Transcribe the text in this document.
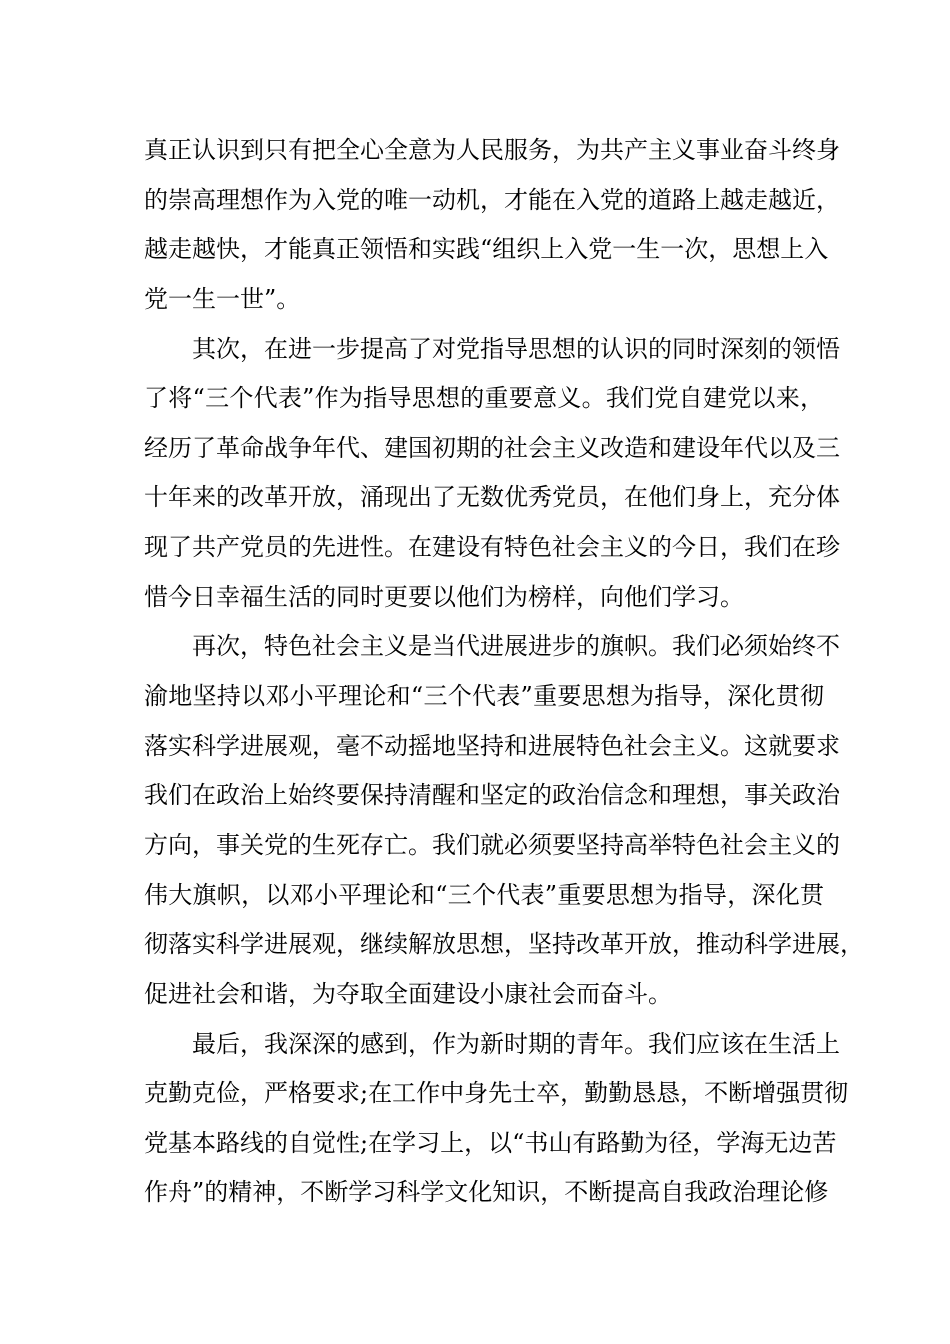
真正认识到只有把全心全意为人民服务，为共产主义事业奋斗终身
的崇高理想作为入党的唯一动机，才能在入党的道路上越走越近，
越走越快，才能真正领悟和实践“组织上入党一生一次，思想上入
党一生一世”。
其次，在进一步提高了对党指导思想的认识的同时深刻的领悟
了将“三个代表”作为指导思想的重要意义。我们党自建党以来，
经历了革命战争年代、建国初期的社会主义改造和建设年代以及三
十年来的改革开放，涌现出了无数优秀党员，在他们身上，充分体
现了共产党员的先进性。在建设有特色社会主义的今日，我们在珍
惜今日幸福生活的同时更要以他们为榜样，向他们学习。
再次，特色社会主义是当代进展进步的旗帜。我们必须始终不
渝地坚持以邓小平理论和“三个代表”重要思想为指导，深化贯彻
落实科学进展观，毫不动摇地坚持和进展特色社会主义。这就要求
我们在政治上始终要保持清醒和坚定的政治信念和理想，事关政治
方向，事关党的生死存亡。我们就必须要坚持高举特色社会主义的
伟大旗帜，以邓小平理论和“三个代表”重要思想为指导，深化贯
彻落实科学进展观，继续解放思想，坚持改革开放，推动科学进展，
促进社会和谐，为夺取全面建设小康社会而奋斗。
最后，我深深的感到，作为新时期的青年。我们应该在生活上
克勤克俭，严格要求;在工作中身先士卒，勤勤恳恳，不断增强贯彻
党基本路线的自觉性;在学习上，以“书山有路勤为径，学海无边苦
作舟”的精神，不断学习科学文化知识，不断提高自我政治理论修
